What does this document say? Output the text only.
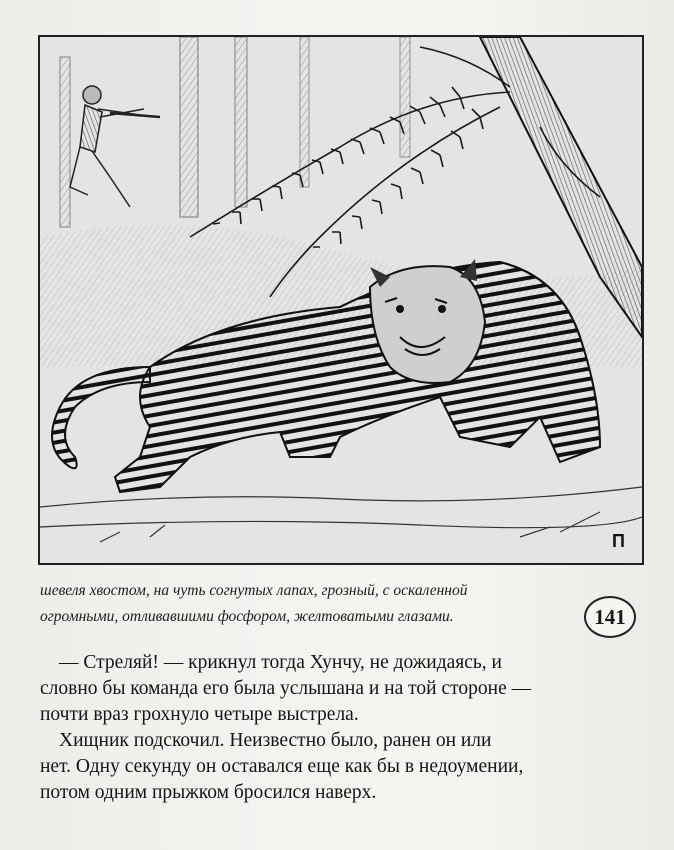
П
шевеля хвостом, на чуть согнутых лапах, грозный, с оскаленной
огромными, отливавшими фосфором, желтоватыми глазами.	141
— Стреляй! — крикнул тогда Хунчу, не дожидаясь, и
словно бы команда его была услышана и на той стороне —
почти враз грохнуло четыре выстрела.
Хищник подскочил. Неизвестно было, ранен он или
нет. Одну секунду он оставался еще как бы в недоумении,
потом одним прыжком бросился наверх.
